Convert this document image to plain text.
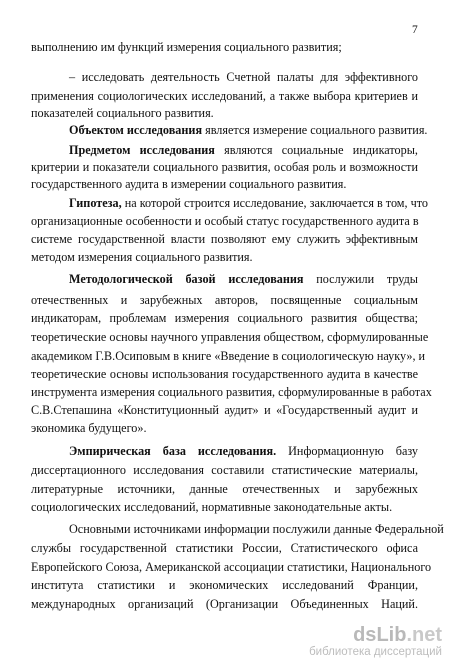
7
выполнению им функций измерения социального развития;
– исследовать деятельность Счетной палаты для эффективного
применения социологических исследований, а также выбора критериев и
показателей социального развития.
Объектом исследования является измерение социального развития.
Предметом исследования являются социальные индикаторы,
критерии и показатели социального развития, особая роль и возможности
государственного аудита в измерении социального развития.
Гипотеза, на которой строится исследование, заключается в том, что
организационные особенности и особый статус государственного аудита в
системе государственной власти позволяют ему служить эффективным
методом измерения социального развития.
Методологической базой исследования послужили труды
отечественных и зарубежных авторов, посвященные социальным
индикаторам, проблемам измерения социального развития общества;
теоретические основы научного управления обществом, сформулированные
академиком Г.В.Осиповым в книге «Введение в социологическую науку», и
теоретические основы использования государственного аудита в качестве
инструмента измерения социального развития, сформулированные в работах
С.В.Степашина «Конституционный аудит» и «Государственный аудит и
экономика будущего».
Эмпирическая база исследования. Информационную базу
диссертационного исследования составили статистические материалы,
литературные источники, данные отечественных и зарубежных
социологических исследований, нормативные законодательные акты.
Основными источниками информации послужили данные Федеральной
службы государственной статистики России, Статистического офиса
Европейского Союза, Американской ассоциации статистики, Национального
института статистики и экономических исследований Франции,
международных организаций (Организации Объединенных Наций.
dsLib.net
библиотека диссертаций
